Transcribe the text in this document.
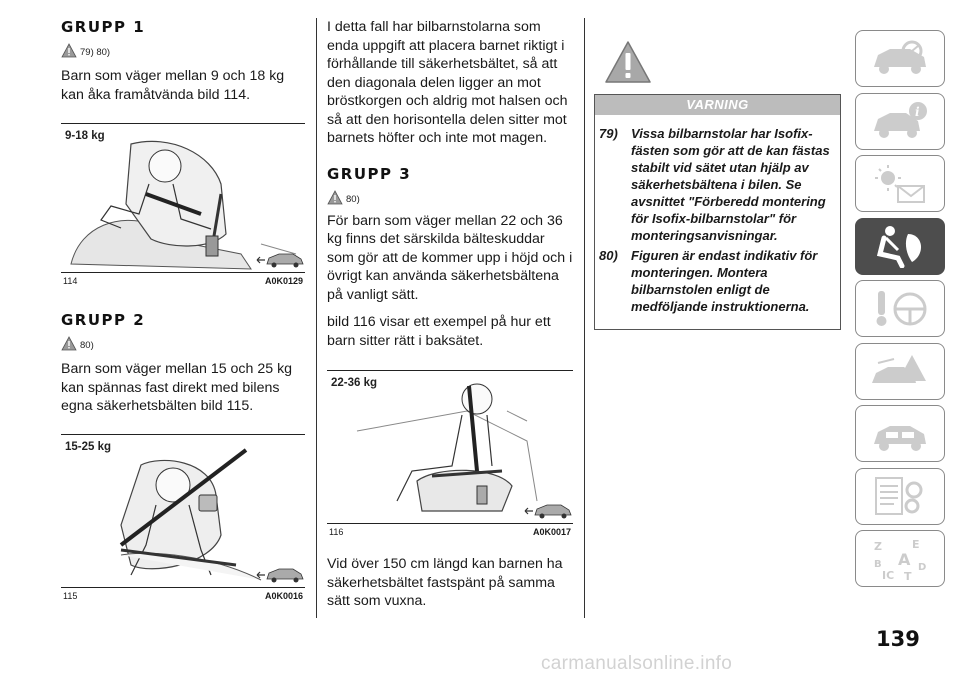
GRUPP 1
79) 80)
Barn som väger mellan 9 och 18 kg kan åka framåtvända bild 114.
9-18 kg
114	A0K0129
GRUPP 2
80)
Barn som väger mellan 15 och 25 kg kan spännas fast direkt med bilens egna säkerhetsbälten bild 115.
15-25 kg
115	A0K0016
I detta fall har bilbarnstolarna som enda uppgift att placera barnet riktigt i förhållande till säkerhetsbältet, så att den diagonala delen ligger an mot bröstkorgen och aldrig mot halsen och så att den horisontella delen sitter mot barnets höfter och inte mot magen.
GRUPP 3
80)
För barn som väger mellan 22 och 36 kg finns det särskilda bälteskuddar som gör att de kommer upp i höjd och i övrigt kan använda säkerhetsbältena på vanligt sätt.
bild 116 visar ett exempel på hur ett barn sitter rätt i baksätet.
22-36 kg
116	A0K0017
Vid över 150 cm längd kan barnen ha säkerhetsbältet fastspänt på samma sätt som vuxna.
VARNING
79) Vissa bilbarnstolar har Isofix-fästen som gör att de kan fästas stabilt vid sätet utan hjälp av säkerhetsbältena i bilen. Se avsnittet "Förberedd montering för Isofix-bilbarnstolar" för monteringsanvisningar.
80) Figuren är endast indikativ för monteringen. Montera bilbarnstolen enligt de medföljande instruktionerna.
i
Z	E
B A D
IC T
139
carmanualsonline.info
